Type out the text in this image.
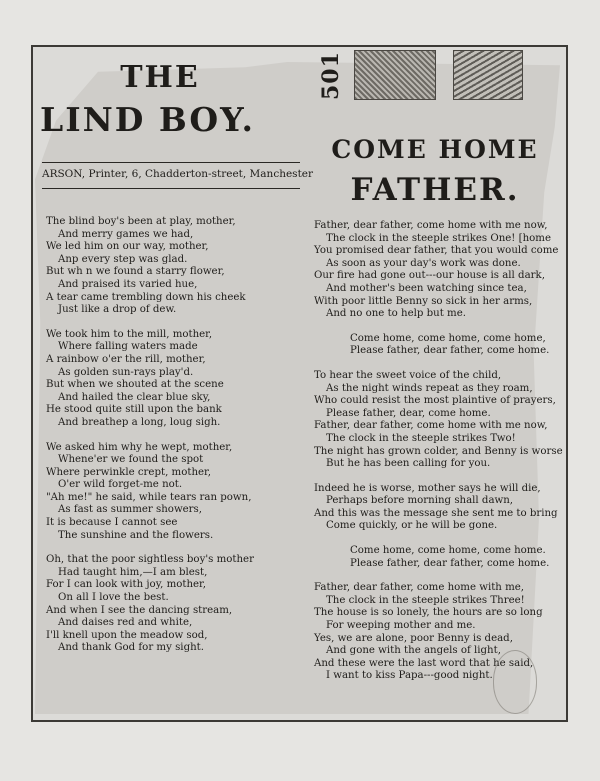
THE
LIND BOY.
ARSON, Printer, 6, Chadderton-street, Manchester
The blind boy's been at play, mother,
And merry games we had,
We led him on our way, mother,
Anp every step was glad.
But wh n we found a starry flower,
And praised its varied hue,
A tear came trembling down his cheek
Just like a drop of dew.
We took him to the mill, mother,
Where falling waters made
A rainbow o'er the rill, mother,
As golden sun-rays play'd.
But when we shouted at the scene
And hailed the clear blue sky,
He stood quite still upon the bank
And breathep a long, loug sigh.
We asked him why he wept, mother,
Whene'er we found the spot
Where perwinkle crept, mother,
O'er wild forget-me not.
"Ah me!" he said, while tears ran pown,
As fast as summer showers,
It is because I cannot see
The sunshine and the flowers.
Oh, that the poor sightless boy's mother
Had taught him,—I am blest,
For I can look with joy, mother,
On all I love the best.
And when I see the dancing stream,
And daises red and white,
I'll knell upon the meadow sod,
And thank God for my sight.
501
COME HOME
FATHER.
Father, dear father, come home with me now,
The clock in the steeple strikes One! [home
You promised dear father, that you would come
As soon as your day's work was done.
Our fire had gone out---our house is all dark,
And mother's been watching since tea,
With poor little Benny so sick in her arms,
And no one to help but me.
Come home, come home, come home,
Please father, dear father, come home.
To hear the sweet voice of the child,
As the night winds repeat as they roam,
Who could resist the most plaintive of prayers,
Please father, dear, come home.
Father, dear father, come home with me now,
The clock in the steeple strikes Two!
The night has grown colder, and Benny is worse
But he has been calling for you.
Indeed he is worse, mother says he will die,
Perhaps before morning shall dawn,
And this was the message she sent me to bring
Come quickly, or he will be gone.
Come home, come home, come home.
Please father, dear father, come home.
Father, dear father, come home with me,
The clock in the steeple strikes Three!
The house is so lonely, the hours are so long
For weeping mother and me.
Yes, we are alone, poor Benny is dead,
And gone with the angels of light,
And these were the last word that he said,
I want to kiss Papa---good night.
